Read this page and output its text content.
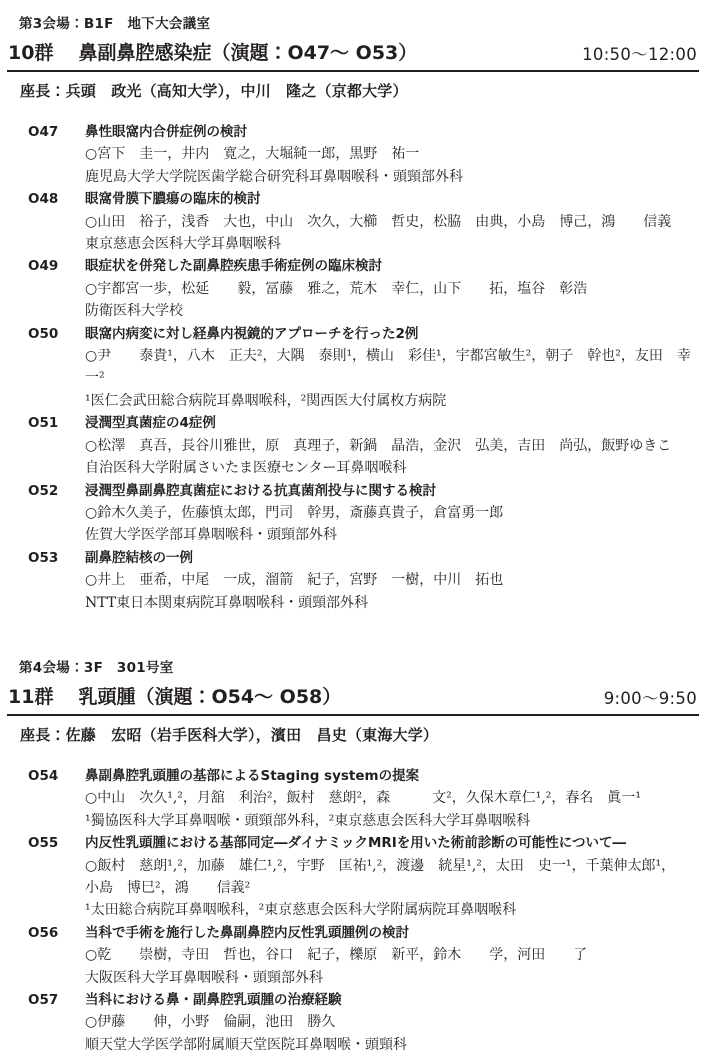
第3会場：B1F　地下大会議室
10群 鼻副鼻腔感染症（演題：O47～ O53）	10:50～12:00
座長：兵頭　政光（高知大学），中川　隆之（京都大学）
O47	鼻性眼窩内合併症例の検討
○宮下　圭一，井内　寛之，大堀純一郎，黒野　祐一
鹿児島大学大学院医歯学総合研究科耳鼻咽喉科・頭頸部外科
O48	眼窩骨膜下膿瘍の臨床的検討
○山田　裕子，浅香　大也，中山　次久，大櫛　哲史，松脇　由典，小島　博己，鴻　　信義
東京慈恵会医科大学耳鼻咽喉科
O49	眼症状を併発した副鼻腔疾患手術症例の臨床検討
○宇都宮一歩，松延　　毅，冨藤　雅之，荒木　幸仁，山下　　拓，塩谷　彰浩
防衛医科大学校
O50	眼窩内病変に対し経鼻内視鏡的アプローチを行った2例
○尹　　泰貴¹，八木　正夫²，大隅　泰則¹，横山　彩佳¹，宇都宮敏生²，朝子　幹也²，友田　幸一²
¹医仁会武田総合病院耳鼻咽喉科，²関西医大付属枚方病院
O51	浸潤型真菌症の4症例
○松澤　真吾，長谷川雅世，原　真理子，新鍋　晶浩，金沢　弘美，吉田　尚弘，飯野ゆきこ
自治医科大学附属さいたま医療センター耳鼻咽喉科
O52	浸潤型鼻副鼻腔真菌症における抗真菌剤投与に関する検討
○鈴木久美子，佐藤慎太郎，門司　幹男，斎藤真貴子，倉富勇一郎
佐賀大学医学部耳鼻咽喉科・頭頸部外科
O53	副鼻腔結核の一例
○井上　亜希，中尾　一成，溜箭　紀子，宮野　一樹，中川　拓也
NTT東日本関東病院耳鼻咽喉科・頭頸部外科
第4会場：3F　301号室
11群 乳頭腫（演題：O54～ O58）	9:00～9:50
座長：佐藤　宏昭（岩手医科大学），濱田　昌史（東海大学）
O54	鼻副鼻腔乳頭腫の基部によるStaging systemの提案
○中山　次久¹,²，月舘　利治²，飯村　慈朗²，森　　　文²，久保木章仁¹,²，春名　眞一¹
¹獨協医科大学耳鼻咽喉・頭頸部外科，²東京慈恵会医科大学耳鼻咽喉科
O55	内反性乳頭腫における基部同定―ダイナミックMRIを用いた術前診断の可能性について―
○飯村　慈朗¹,²，加藤　雄仁¹,²，宇野　匡祐¹,²，渡邊　統星¹,²，太田　史一¹，千葉伸太郎¹，
小島　博巳²，鴻　　信義²
¹太田総合病院耳鼻咽喉科，²東京慈恵会医科大学附属病院耳鼻咽喉科
O56	当科で手術を施行した鼻副鼻腔内反性乳頭腫例の検討
○乾　　崇樹，寺田　哲也，谷口　紀子，櫟原　新平，鈴木　　学，河田　　了
大阪医科大学耳鼻咽喉科・頭頸部外科
O57	当科における鼻・副鼻腔乳頭腫の治療経験
○伊藤　　伸，小野　倫嗣，池田　勝久
順天堂大学医学部附属順天堂医院耳鼻咽喉・頭頸科
